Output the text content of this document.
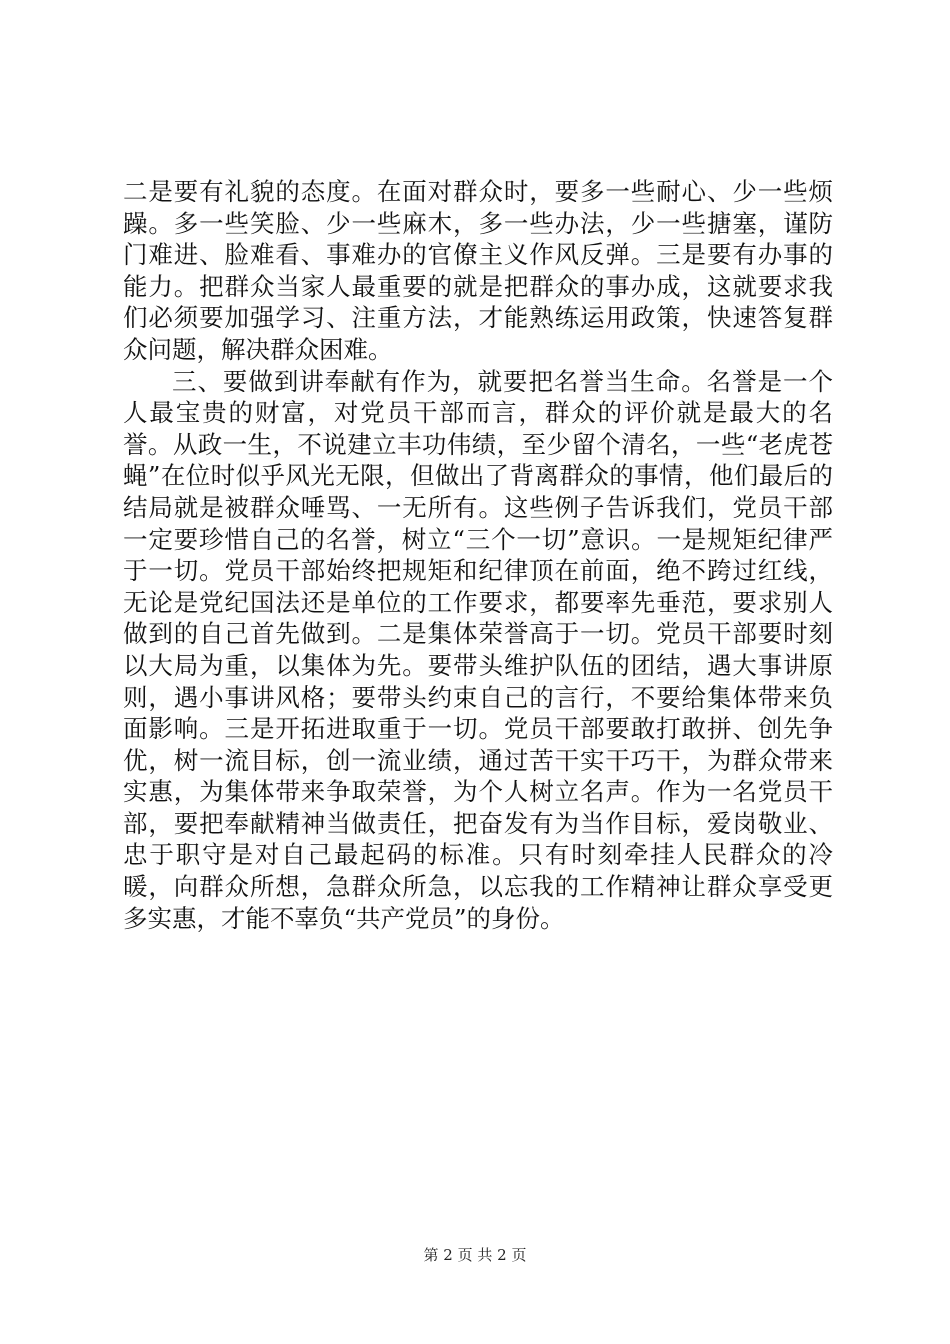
二是要有礼貌的态度。在面对群众时，要多一些耐心、少一些烦躁。多一些笑脸、少一些麻木，多一些办法，少一些搪塞，谨防门难进、脸难看、事难办的官僚主义作风反弹。三是要有办事的能力。把群众当家人最重要的就是把群众的事办成，这就要求我们必须要加强学习、注重方法，才能熟练运用政策，快速答复群众问题，解决群众困难。

三、要做到讲奉献有作为，就要把名誉当生命。名誉是一个人最宝贵的财富，对党员干部而言，群众的评价就是最大的名誉。从政一生，不说建立丰功伟绩，至少留个清名，一些“老虎苍蝇”在位时似乎风光无限，但做出了背离群众的事情，他们最后的结局就是被群众唾骂、一无所有。这些例子告诉我们，党员干部一定要珍惜自己的名誉，树立“三个一切”意识。一是规矩纪律严于一切。党员干部始终把规矩和纪律顶在前面，绝不跨过红线，无论是党纪国法还是单位的工作要求，都要率先垂范，要求别人做到的自己首先做到。二是集体荣誉高于一切。党员干部要时刻以大局为重，以集体为先。要带头维护队伍的团结，遇大事讲原则，遇小事讲风格；要带头约束自己的言行，不要给集体带来负面影响。三是开拓进取重于一切。党员干部要敢打敢拼、创先争优，树一流目标，创一流业绩，通过苦干实干巧干，为群众带来实惠，为集体带来争取荣誉，为个人树立名声。作为一名党员干部，要把奉献精神当做责任，把奋发有为当作目标，爱岗敬业、忠于职守是对自己最起码的标准。只有时刻牵挂人民群众的冷暖，向群众所想，急群众所急，以忘我的工作精神让群众享受更多实惠，才能不辜负“共产党员”的身份。

第 2 页 共 2 页
